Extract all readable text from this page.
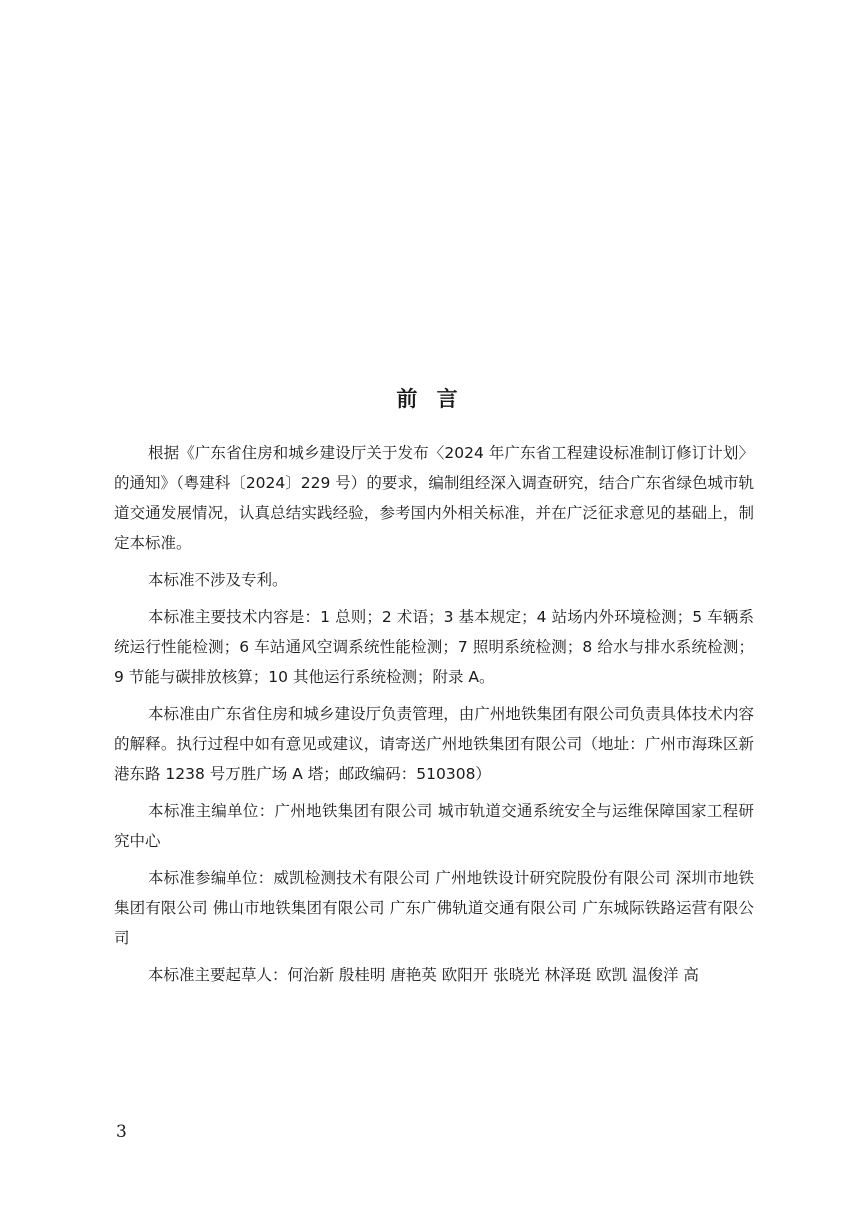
前 言

根据《广东省住房和城乡建设厅关于发布〈2024 年广东省工程建设标准制订修订计划〉的通知》（粤建科〔2024〕229 号）的要求，编制组经深入调查研究，结合广东省绿色城市轨道交通发展情况，认真总结实践经验，参考国内外相关标准，并在广泛征求意见的基础上，制定本标准。

本标准不涉及专利。

本标准主要技术内容是：1 总则；2 术语；3 基本规定；4 站场内外环境检测；5 车辆系统运行性能检测；6 车站通风空调系统性能检测；7 照明系统检测；8 给水与排水系统检测；9 节能与碳排放核算；10 其他运行系统检测；附录 A。

本标准由广东省住房和城乡建设厅负责管理，由广州地铁集团有限公司负责具体技术内容的解释。执行过程中如有意见或建议，请寄送广州地铁集团有限公司（地址：广州市海珠区新港东路 1238 号万胜广场 A 塔；邮政编码：510308）

本标准主编单位：广州地铁集团有限公司 城市轨道交通系统安全与运维保障国家工程研究中心

本标准参编单位：威凯检测技术有限公司 广州地铁设计研究院股份有限公司 深圳市地铁集团有限公司 佛山市地铁集团有限公司 广东广佛轨道交通有限公司 广东城际铁路运营有限公司

本标准主要起草人：何治新 殷桂明 唐艳英 欧阳开 张晓光 林泽珽 欧凯 温俊洋 高

3
